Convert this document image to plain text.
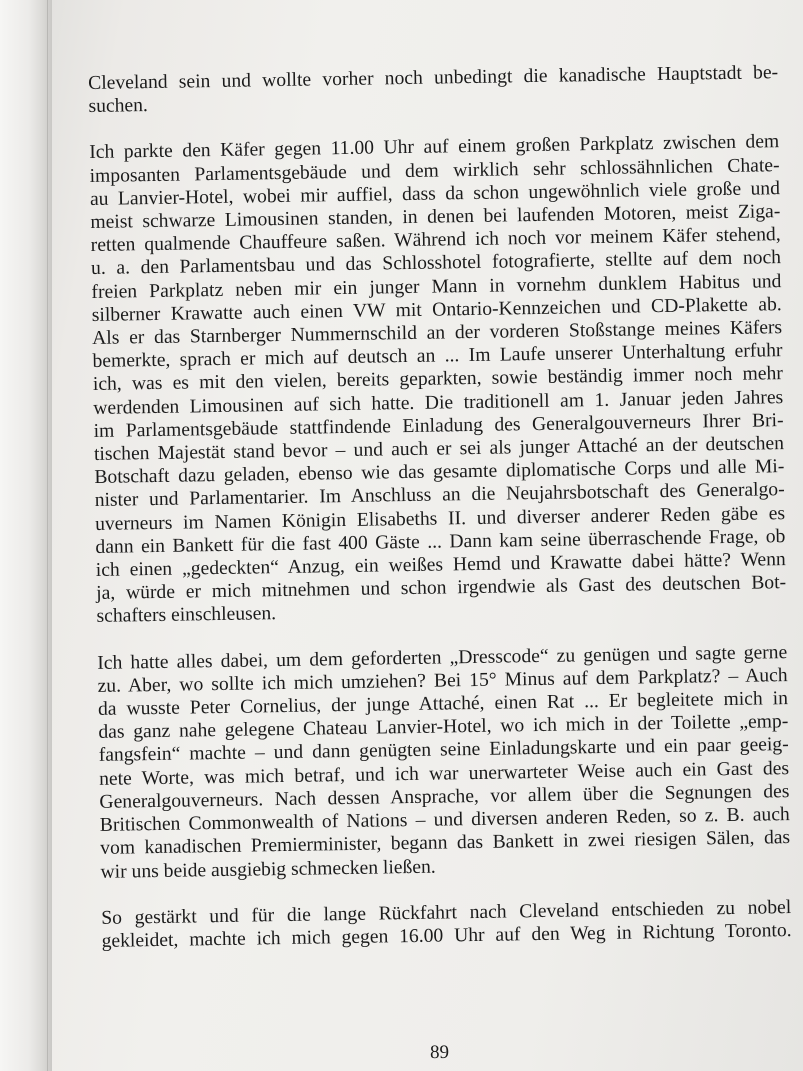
Cleveland sein und wollte vorher noch unbedingt die kanadische Hauptstadt be-
suchen.
Ich parkte den Käfer gegen 11.00 Uhr auf einem großen Parkplatz zwischen dem
imposanten Parlamentsgebäude und dem wirklich sehr schlossähnlichen Chate-
au Lanvier-Hotel, wobei mir auffiel, dass da schon ungewöhnlich viele große und
meist schwarze Limousinen standen, in denen bei laufenden Motoren, meist Ziga-
retten qualmende Chauffeure saßen. Während ich noch vor meinem Käfer stehend,
u. a. den Parlamentsbau und das Schlosshotel fotografierte, stellte auf dem noch
freien Parkplatz neben mir ein junger Mann in vornehm dunklem Habitus und
silberner Krawatte auch einen VW mit Ontario-Kennzeichen und CD-Plakette ab.
Als er das Starnberger Nummernschild an der vorderen Stoßstange meines Käfers
bemerkte, sprach er mich auf deutsch an ... Im Laufe unserer Unterhaltung erfuhr
ich, was es mit den vielen, bereits geparkten, sowie beständig immer noch mehr
werdenden Limousinen auf sich hatte. Die traditionell am 1. Januar jeden Jahres
im Parlamentsgebäude stattfindende Einladung des Generalgouverneurs Ihrer Bri-
tischen Majestät stand bevor – und auch er sei als junger Attaché an der deutschen
Botschaft dazu geladen, ebenso wie das gesamte diplomatische Corps und alle Mi-
nister und Parlamentarier. Im Anschluss an die Neujahrsbotschaft des Generalgo-
uverneurs im Namen Königin Elisabeths II. und diverser anderer Reden gäbe es
dann ein Bankett für die fast 400 Gäste ... Dann kam seine überraschende Frage, ob
ich einen „gedeckten“ Anzug, ein weißes Hemd und Krawatte dabei hätte? Wenn
ja, würde er mich mitnehmen und schon irgendwie als Gast des deutschen Bot-
schafters einschleusen.
Ich hatte alles dabei, um dem geforderten „Dresscode“ zu genügen und sagte gerne
zu. Aber, wo sollte ich mich umziehen? Bei 15° Minus auf dem Parkplatz? – Auch
da wusste Peter Cornelius, der junge Attaché, einen Rat ... Er begleitete mich in
das ganz nahe gelegene Chateau Lanvier-Hotel, wo ich mich in der Toilette „emp-
fangsfein“ machte – und dann genügten seine Einladungskarte und ein paar geeig-
nete Worte, was mich betraf, und ich war unerwarteter Weise auch ein Gast des
Generalgouverneurs. Nach dessen Ansprache, vor allem über die Segnungen des
Britischen Commonwealth of Nations – und diversen anderen Reden, so z. B. auch
vom kanadischen Premierminister, begann das Bankett in zwei riesigen Sälen, das
wir uns beide ausgiebig schmecken ließen.
So gestärkt und für die lange Rückfahrt nach Cleveland entschieden zu nobel
gekleidet, machte ich mich gegen 16.00 Uhr auf den Weg in Richtung Toronto.
89
